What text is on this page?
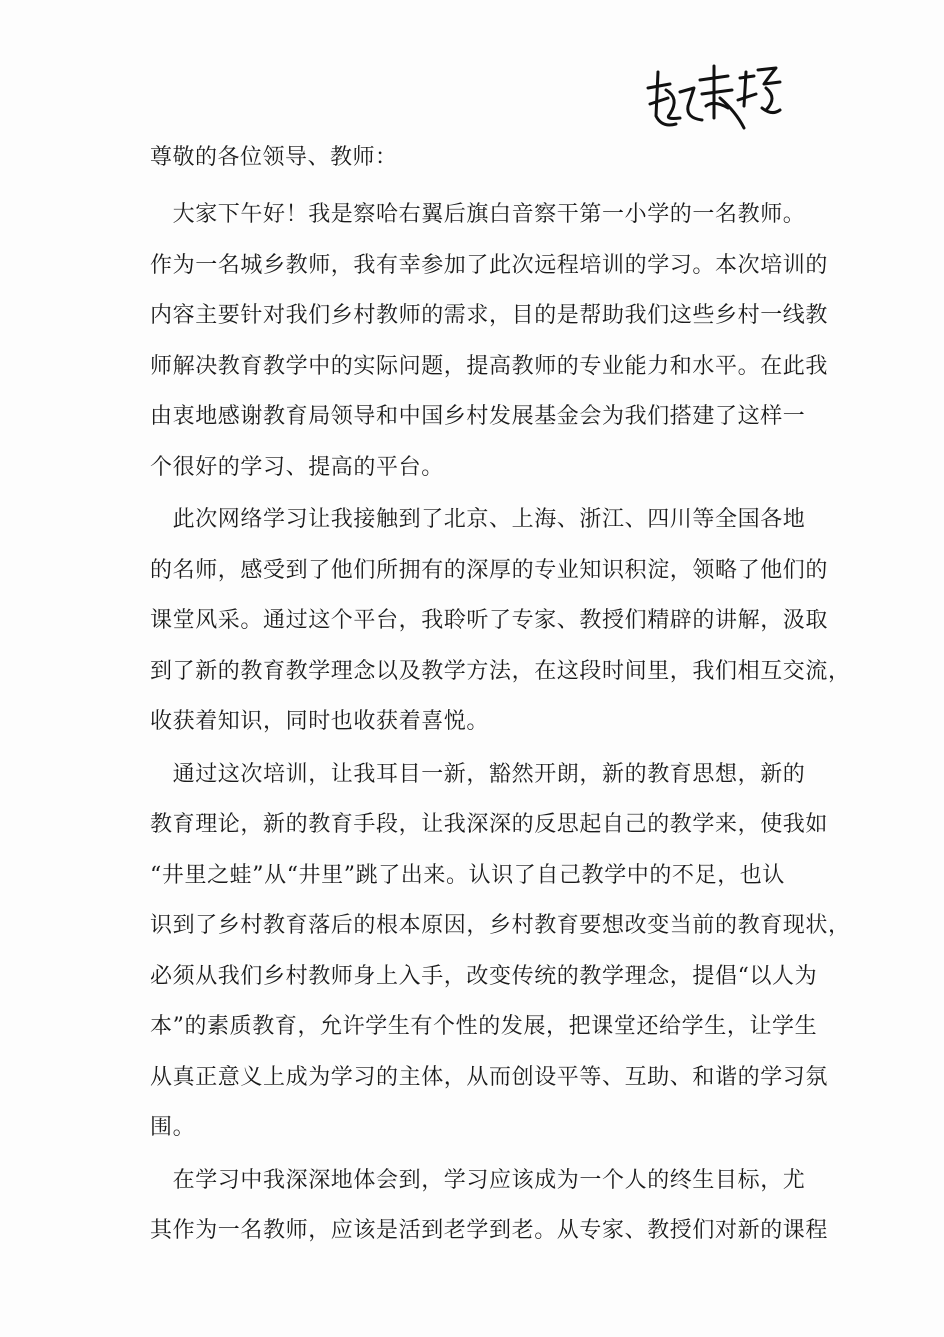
尊敬的各位领导、教师：
　大家下午好！我是察哈右翼后旗白音察干第一小学的一名教师。
作为一名城乡教师，我有幸参加了此次远程培训的学习。本次培训的
内容主要针对我们乡村教师的需求，目的是帮助我们这些乡村一线教
师解决教育教学中的实际问题，提高教师的专业能力和水平。在此我
由衷地感谢教育局领导和中国乡村发展基金会为我们搭建了这样一
个很好的学习、提高的平台。
　此次网络学习让我接触到了北京、上海、浙江、四川等全国各地
的名师，感受到了他们所拥有的深厚的专业知识积淀，领略了他们的
课堂风采。通过这个平台，我聆听了专家、教授们精辟的讲解，汲取
到了新的教育教学理念以及教学方法，在这段时间里，我们相互交流，
收获着知识，同时也收获着喜悦。
　通过这次培训，让我耳目一新，豁然开朗，新的教育思想，新的
教育理论，新的教育手段，让我深深的反思起自己的教学来，使我如
“井里之蛙”从“井里”跳了出来。认识了自己教学中的不足，也认
识到了乡村教育落后的根本原因，乡村教育要想改变当前的教育现状，
必须从我们乡村教师身上入手，改变传统的教学理念，提倡“以人为
本”的素质教育，允许学生有个性的发展，把课堂还给学生，让学生
从真正意义上成为学习的主体，从而创设平等、互助、和谐的学习氛
围。
　在学习中我深深地体会到，学习应该成为一个人的终生目标，尤
其作为一名教师，应该是活到老学到老。从专家、教授们对新的课程
